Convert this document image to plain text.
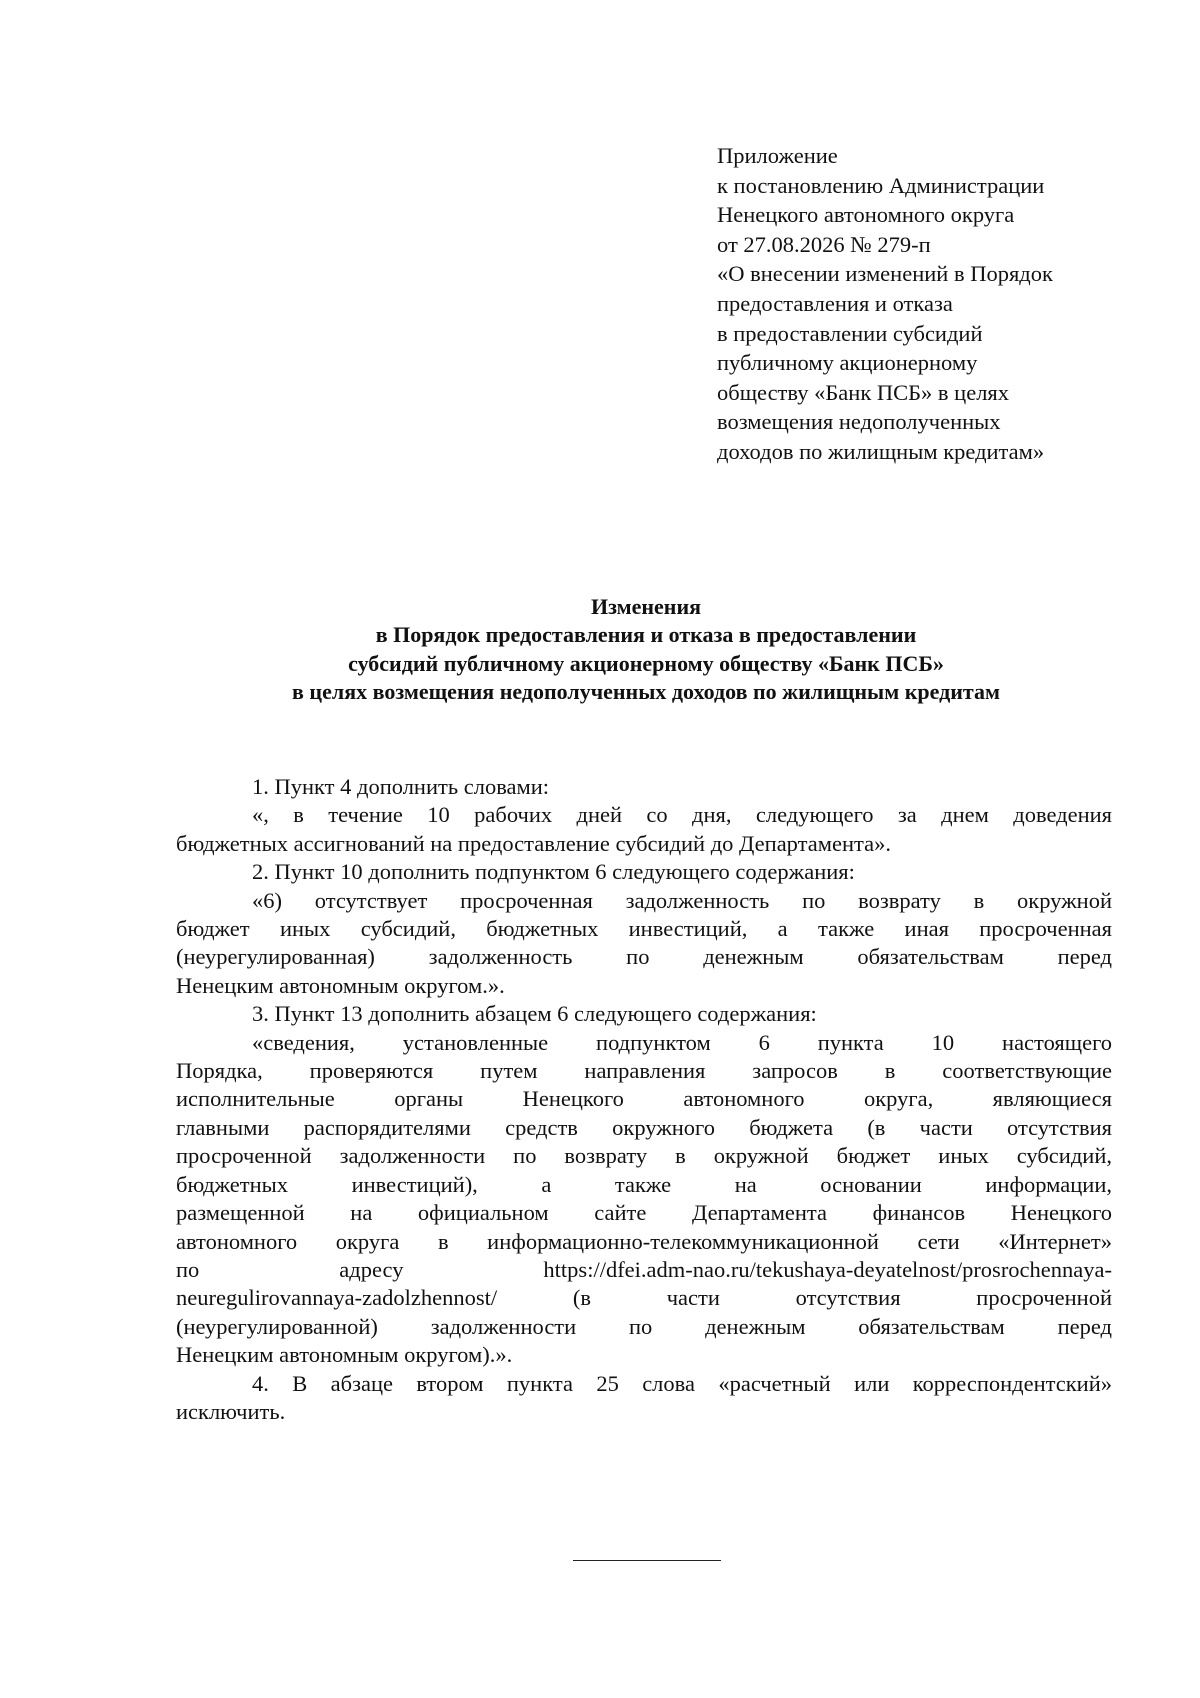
Приложение
к постановлению Администрации
Ненецкого автономного округа
от 27.08.2026 № 279-п
«О внесении изменений в Порядок
предоставления и отказа
в предоставлении субсидий
публичному акционерному
обществу «Банк ПСБ» в целях
возмещения недополученных
доходов по жилищным кредитам»
Изменения
в Порядок предоставления и отказа в предоставлении
субсидий публичному акционерному обществу «Банк ПСБ»
в целях возмещения недополученных доходов по жилищным кредитам
1. Пункт 4 дополнить словами:
«, в течение 10 рабочих дней со дня, следующего за днем доведения
бюджетных ассигнований на предоставление субсидий до Департамента».
2. Пункт 10 дополнить подпунктом 6 следующего содержания:
«6) отсутствует просроченная задолженность по возврату в окружной
бюджет иных субсидий, бюджетных инвестиций, а также иная просроченная
(неурегулированная) задолженность по денежным обязательствам перед
Ненецким автономным округом.».
3. Пункт 13 дополнить абзацем 6 следующего содержания:
«сведения, установленные подпунктом 6 пункта 10 настоящего
Порядка, проверяются путем направления запросов в соответствующие
исполнительные органы Ненецкого автономного округа, являющиеся
главными распорядителями средств окружного бюджета (в части отсутствия
просроченной задолженности по возврату в окружной бюджет иных субсидий,
бюджетных инвестиций), а также на основании информации,
размещенной на официальном сайте Департамента финансов Ненецкого
автономного округа в информационно-телекоммуникационной сети «Интернет»
по адресу https://dfei.adm-nao.ru/tekushaya-deyatelnost/prosrochennaya-
neuregulirovannaya-zadolzhennost/ (в части отсутствия просроченной
(неурегулированной) задолженности по денежным обязательствам перед
Ненецким автономным округом).».
4. В абзаце втором пункта 25 слова «расчетный или корреспондентский»
исключить.
